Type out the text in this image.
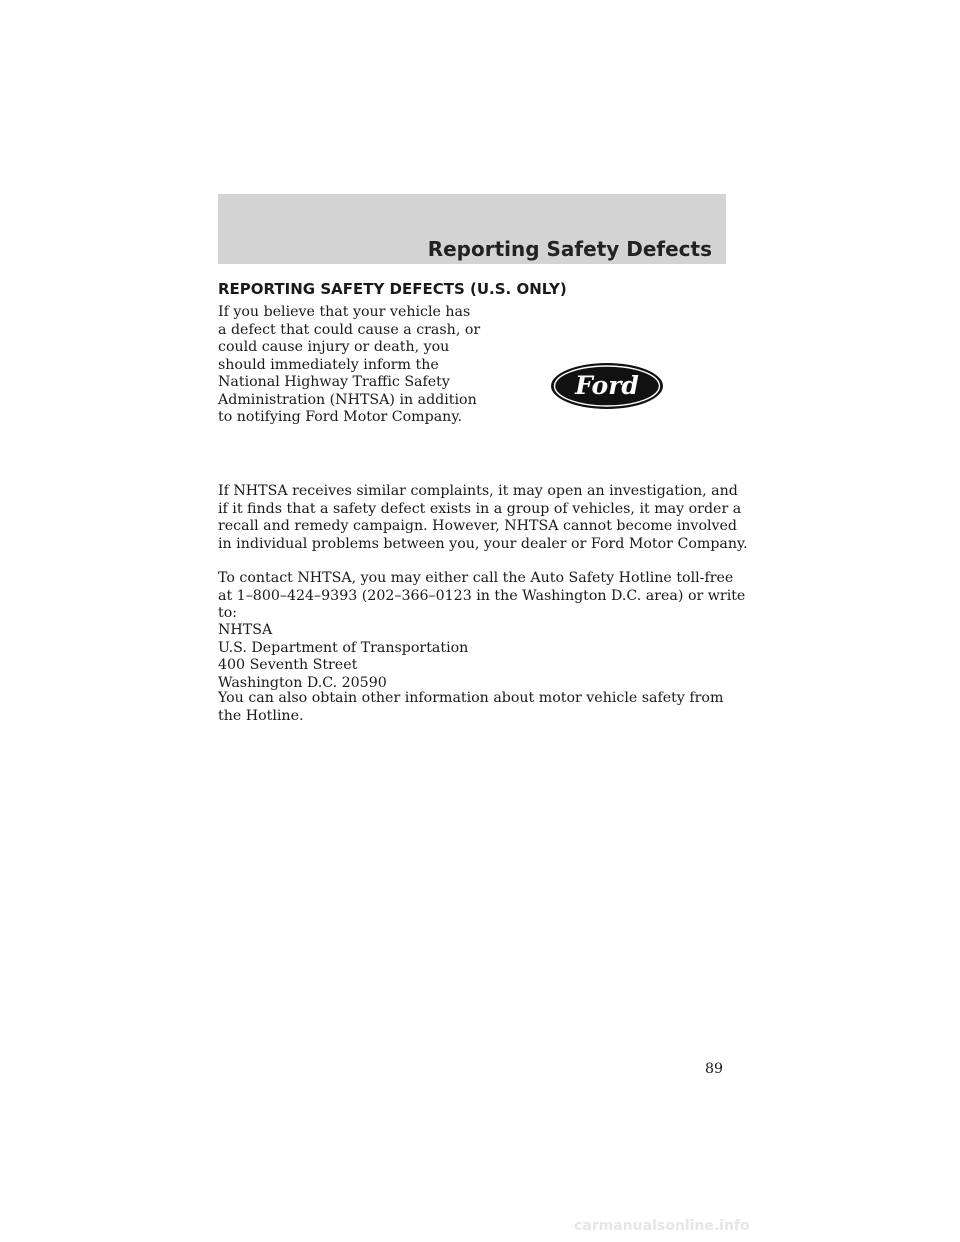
Reporting Safety Defects
REPORTING SAFETY DEFECTS (U.S. ONLY)

If you believe that your vehicle has
a defect that could cause a crash, or
could cause injury or death, you
should immediately inform the
National Highway Traffic Safety
Administration (NHTSA) in addition
to notifying Ford Motor Company.

Ford

If NHTSA receives similar complaints, it may open an investigation, and
if it finds that a safety defect exists in a group of vehicles, it may order a
recall and remedy campaign. However, NHTSA cannot become involved
in individual problems between you, your dealer or Ford Motor Company.

To contact NHTSA, you may either call the Auto Safety Hotline toll-free
at 1–800–424–9393 (202–366–0123 in the Washington D.C. area) or write
to:

NHTSA
U.S. Department of Transportation
400 Seventh Street
Washington D.C. 20590

You can also obtain other information about motor vehicle safety from
the Hotline.

89

carmanualsonline.info
